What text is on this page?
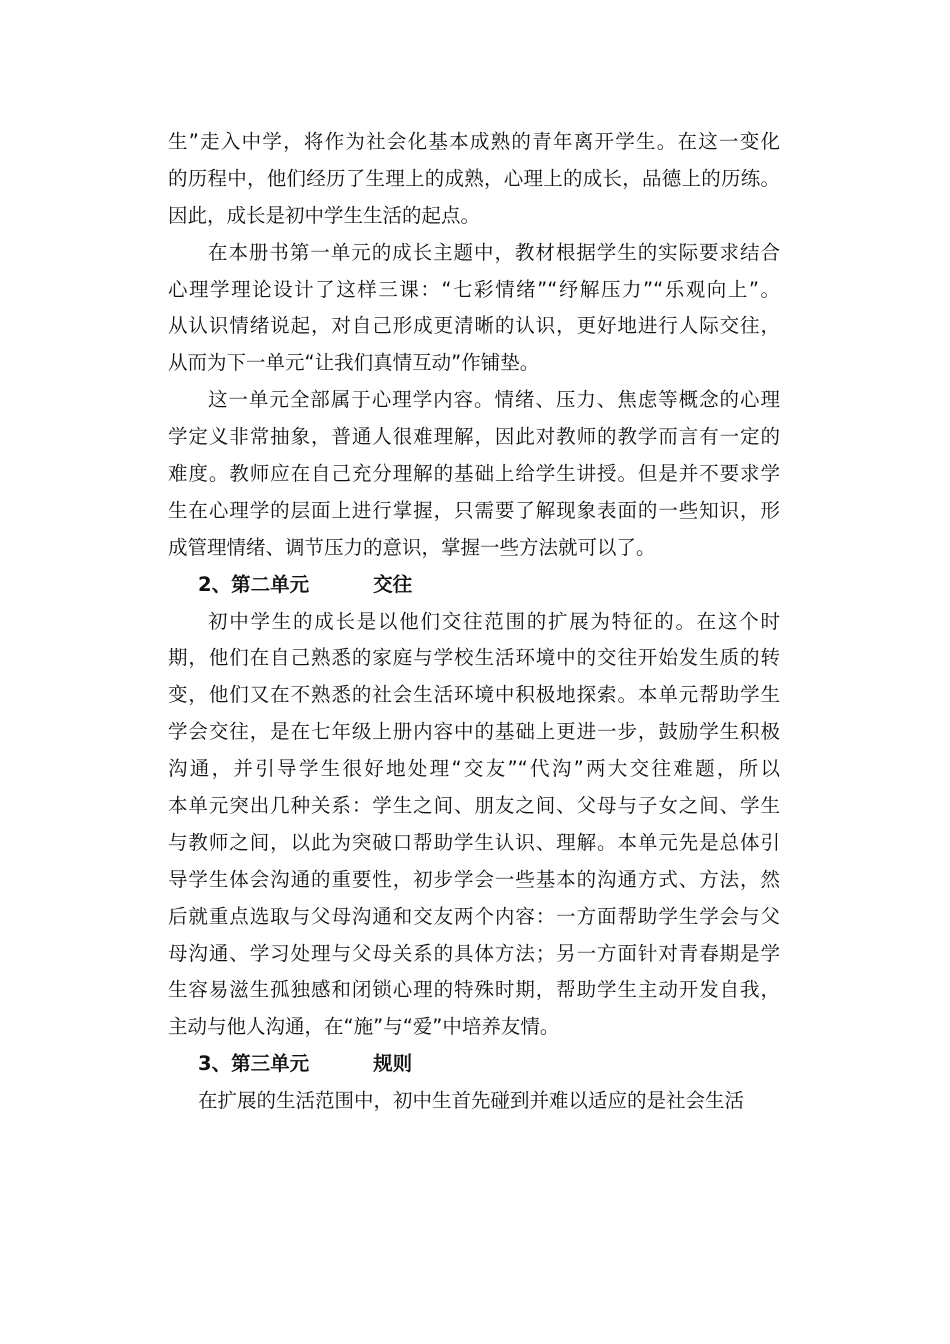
生”走入中学，将作为社会化基本成熟的青年离开学生。在这一变化
的历程中，他们经历了生理上的成熟，心理上的成长，品德上的历练。
因此，成长是初中学生生活的起点。
在本册书第一单元的成长主题中，教材根据学生的实际要求结合
心理学理论设计了这样三课：“七彩情绪”“纾解压力”“乐观向上”。
从认识情绪说起，对自己形成更清晰的认识，更好地进行人际交往，
从而为下一单元“让我们真情互动”作铺垫。
这一单元全部属于心理学内容。情绪、压力、焦虑等概念的心理
学定义非常抽象，普通人很难理解，因此对教师的教学而言有一定的
难度。教师应在自己充分理解的基础上给学生讲授。但是并不要求学
生在心理学的层面上进行掌握，只需要了解现象表面的一些知识，形
成管理情绪、调节压力的意识，掌握一些方法就可以了。
2、第二单元	交往
初中学生的成长是以他们交往范围的扩展为特征的。在这个时
期，他们在自己熟悉的家庭与学校生活环境中的交往开始发生质的转
变，他们又在不熟悉的社会生活环境中积极地探索。本单元帮助学生
学会交往，是在七年级上册内容中的基础上更进一步，鼓励学生积极
沟通，并引导学生很好地处理“交友”“代沟”两大交往难题，所以
本单元突出几种关系：学生之间、朋友之间、父母与子女之间、学生
与教师之间，以此为突破口帮助学生认识、理解。本单元先是总体引
导学生体会沟通的重要性，初步学会一些基本的沟通方式、方法，然
后就重点选取与父母沟通和交友两个内容：一方面帮助学生学会与父
母沟通、学习处理与父母关系的具体方法；另一方面针对青春期是学
生容易滋生孤独感和闭锁心理的特殊时期，帮助学生主动开发自我，
主动与他人沟通，在“施”与“爱”中培养友情。
3、第三单元	规则
在扩展的生活范围中，初中生首先碰到并难以适应的是社会生活
